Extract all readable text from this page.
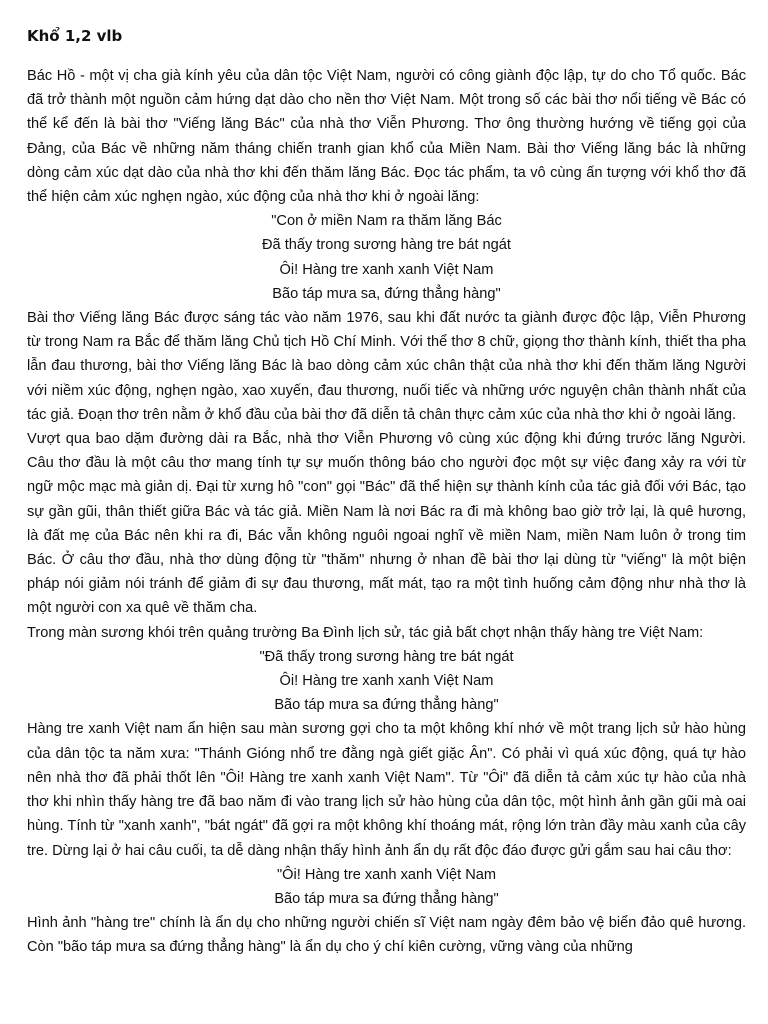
Khổ 1,2 vlb

Bác Hồ - một vị cha già kính yêu của dân tộc Việt Nam, người có công giành độc lập, tự do cho Tổ quốc. Bác đã trở thành một nguồn cảm hứng dạt dào cho nền thơ Việt Nam. Một trong số các bài thơ nổi tiếng về Bác có thể kể đến là bài thơ "Viếng lăng Bác" của nhà thơ Viễn Phương. Thơ ông thường hướng về tiếng gọi của Đảng, của Bác về những năm tháng chiến tranh gian khổ của Miền Nam. Bài thơ Viếng lăng bác là những dòng cảm xúc dạt dào của nhà thơ khi đến thăm lăng Bác. Đọc tác phẩm, ta vô cùng ấn tượng với khổ thơ đã thể hiện cảm xúc nghẹn ngào, xúc động của nhà thơ khi ở ngoài lăng:

"Con ở miền Nam ra thăm lăng Bác
Đã thấy trong sương hàng tre bát ngát
Ôi! Hàng tre xanh xanh Việt Nam
Bão táp mưa sa, đứng thẳng hàng"

Bài thơ Viếng lăng Bác được sáng tác vào năm 1976, sau khi đất nước ta giành được độc lập, Viễn Phương từ trong Nam ra Bắc để thăm lăng Chủ tịch Hồ Chí Minh. Với thể thơ 8 chữ, giọng thơ thành kính, thiết tha pha lẫn đau thương, bài thơ Viếng lăng Bác là bao dòng cảm xúc chân thật của nhà thơ khi đến thăm lăng Người với niềm xúc động, nghẹn ngào, xao xuyến, đau thương, nuối tiếc và những ước nguyện chân thành nhất của tác giả. Đoạn thơ trên nằm ở khổ đầu của bài thơ đã diễn tả chân thực cảm xúc của nhà thơ khi ở ngoài lăng.

Vượt qua bao dặm đường dài ra Bắc, nhà thơ Viễn Phương vô cùng xúc động khi đứng trước lăng Người. Câu thơ đầu là một câu thơ mang tính tự sự muốn thông báo cho người đọc một sự việc đang xảy ra với từ ngữ mộc mạc mà giản dị. Đại từ xưng hô "con" gọi "Bác" đã thể hiện sự thành kính của tác giả đối với Bác, tạo sự gần gũi, thân thiết giữa Bác và tác giả. Miền Nam là nơi Bác ra đi mà không bao giờ trở lại, là quê hương, là đất mẹ của Bác nên khi ra đi, Bác vẫn không nguôi ngoai nghĩ về miền Nam, miền Nam luôn ở trong tim Bác. Ở câu thơ đầu, nhà thơ dùng động từ "thăm" nhưng ở nhan đề bài thơ lại dùng từ "viếng" là một biện pháp nói giảm nói tránh để giảm đi sự đau thương, mất mát, tạo ra một tình huống cảm động như nhà thơ là một người con xa quê về thăm cha.

Trong màn sương khói trên quảng trường Ba Đình lịch sử, tác giả bất chợt nhận thấy hàng tre Việt Nam:

"Đã thấy trong sương hàng tre bát ngát
Ôi! Hàng tre xanh xanh Việt Nam
Bão táp mưa sa đứng thẳng hàng"

Hàng tre xanh Việt nam ẩn hiện sau màn sương gợi cho ta một không khí nhớ về một trang lịch sử hào hùng của dân tộc ta năm xưa: "Thánh Gióng nhổ tre đằng ngà giết giặc Ân". Có phải vì quá xúc động, quá tự hào nên nhà thơ đã phải thốt lên "Ôi! Hàng tre xanh xanh Việt Nam". Từ "Ôi" đã diễn tả cảm xúc tự hào của nhà thơ khi nhìn thấy hàng tre đã bao năm đi vào trang lịch sử hào hùng của dân tộc, một hình ảnh gần gũi mà oai hùng. Tính từ "xanh xanh", "bát ngát" đã gợi ra một không khí thoáng mát, rộng lớn tràn đầy màu xanh của cây tre. Dừng lại ở hai câu cuối, ta dễ dàng nhận thấy hình ảnh ẩn dụ rất độc đáo được gửi gắm sau hai câu thơ:

"Ôi! Hàng tre xanh xanh Việt Nam
Bão táp mưa sa đứng thẳng hàng"

Hình ảnh "hàng tre" chính là ẩn dụ cho những người chiến sĩ Việt nam ngày đêm bảo vệ biển đảo quê hương. Còn "bão táp mưa sa đứng thẳng hàng" là ẩn dụ cho ý chí kiên cường, vững vàng của những
